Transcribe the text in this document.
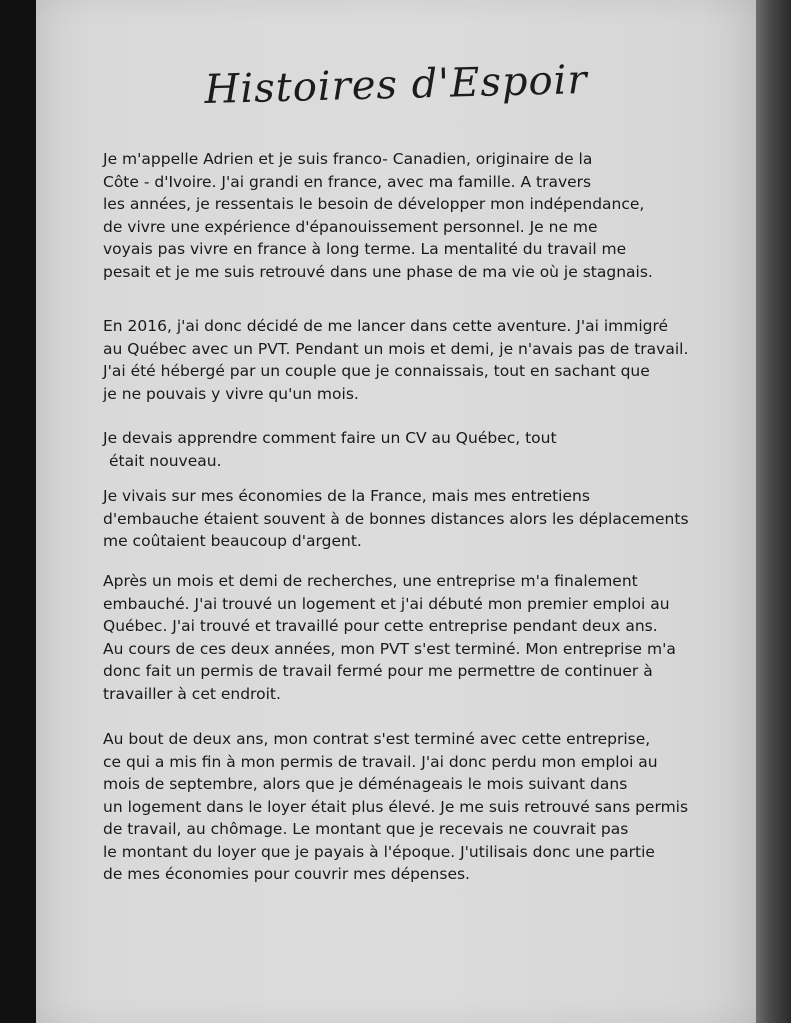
Histoires d'Espoir
Je m'appelle Adrien et je suis franco- Canadien, originaire de la
Côte - d'Ivoire. J'ai grandi en france, avec ma famille. A travers
les années, je ressentais le besoin de développer mon indépendance,
de vivre une expérience d'épanouissement personnel. Je ne me
voyais pas vivre en france à long terme. La mentalité du travail me
pesait et je me suis retrouvé dans une phase de ma vie où je stagnais.
En 2016, j'ai donc décidé de me lancer dans cette aventure. J'ai immigré
au Québec avec un PVT. Pendant un mois et demi, je n'avais pas de travail.
J'ai été hébergé par un couple que je connaissais, tout en sachant que
je ne pouvais y vivre qu'un mois.
Je devais apprendre comment faire un CV au Québec, tout
était nouveau.
Je vivais sur mes économies de la France, mais mes entretiens
d'embauche étaient souvent à de bonnes distances alors les déplacements
me coûtaient beaucoup d'argent.
Après un mois et demi de recherches, une entreprise m'a finalement
embauché. J'ai trouvé un logement et j'ai débuté mon premier emploi au
Québec. J'ai trouvé et travaillé pour cette entreprise pendant deux ans.
Au cours de ces deux années, mon PVT s'est terminé. Mon entreprise m'a
donc fait un permis de travail fermé pour me permettre de continuer à
travailler à cet endroit.
Au bout de deux ans, mon contrat s'est terminé avec cette entreprise,
ce qui a mis fin à mon permis de travail. J'ai donc perdu mon emploi au
mois de septembre, alors que je déménageais le mois suivant dans
un logement dans le loyer était plus élevé. Je me suis retrouvé sans permis
de travail, au chômage. Le montant que je recevais ne couvrait pas
le montant du loyer que je payais à l'époque. J'utilisais donc une partie
de mes économies pour couvrir mes dépenses.
